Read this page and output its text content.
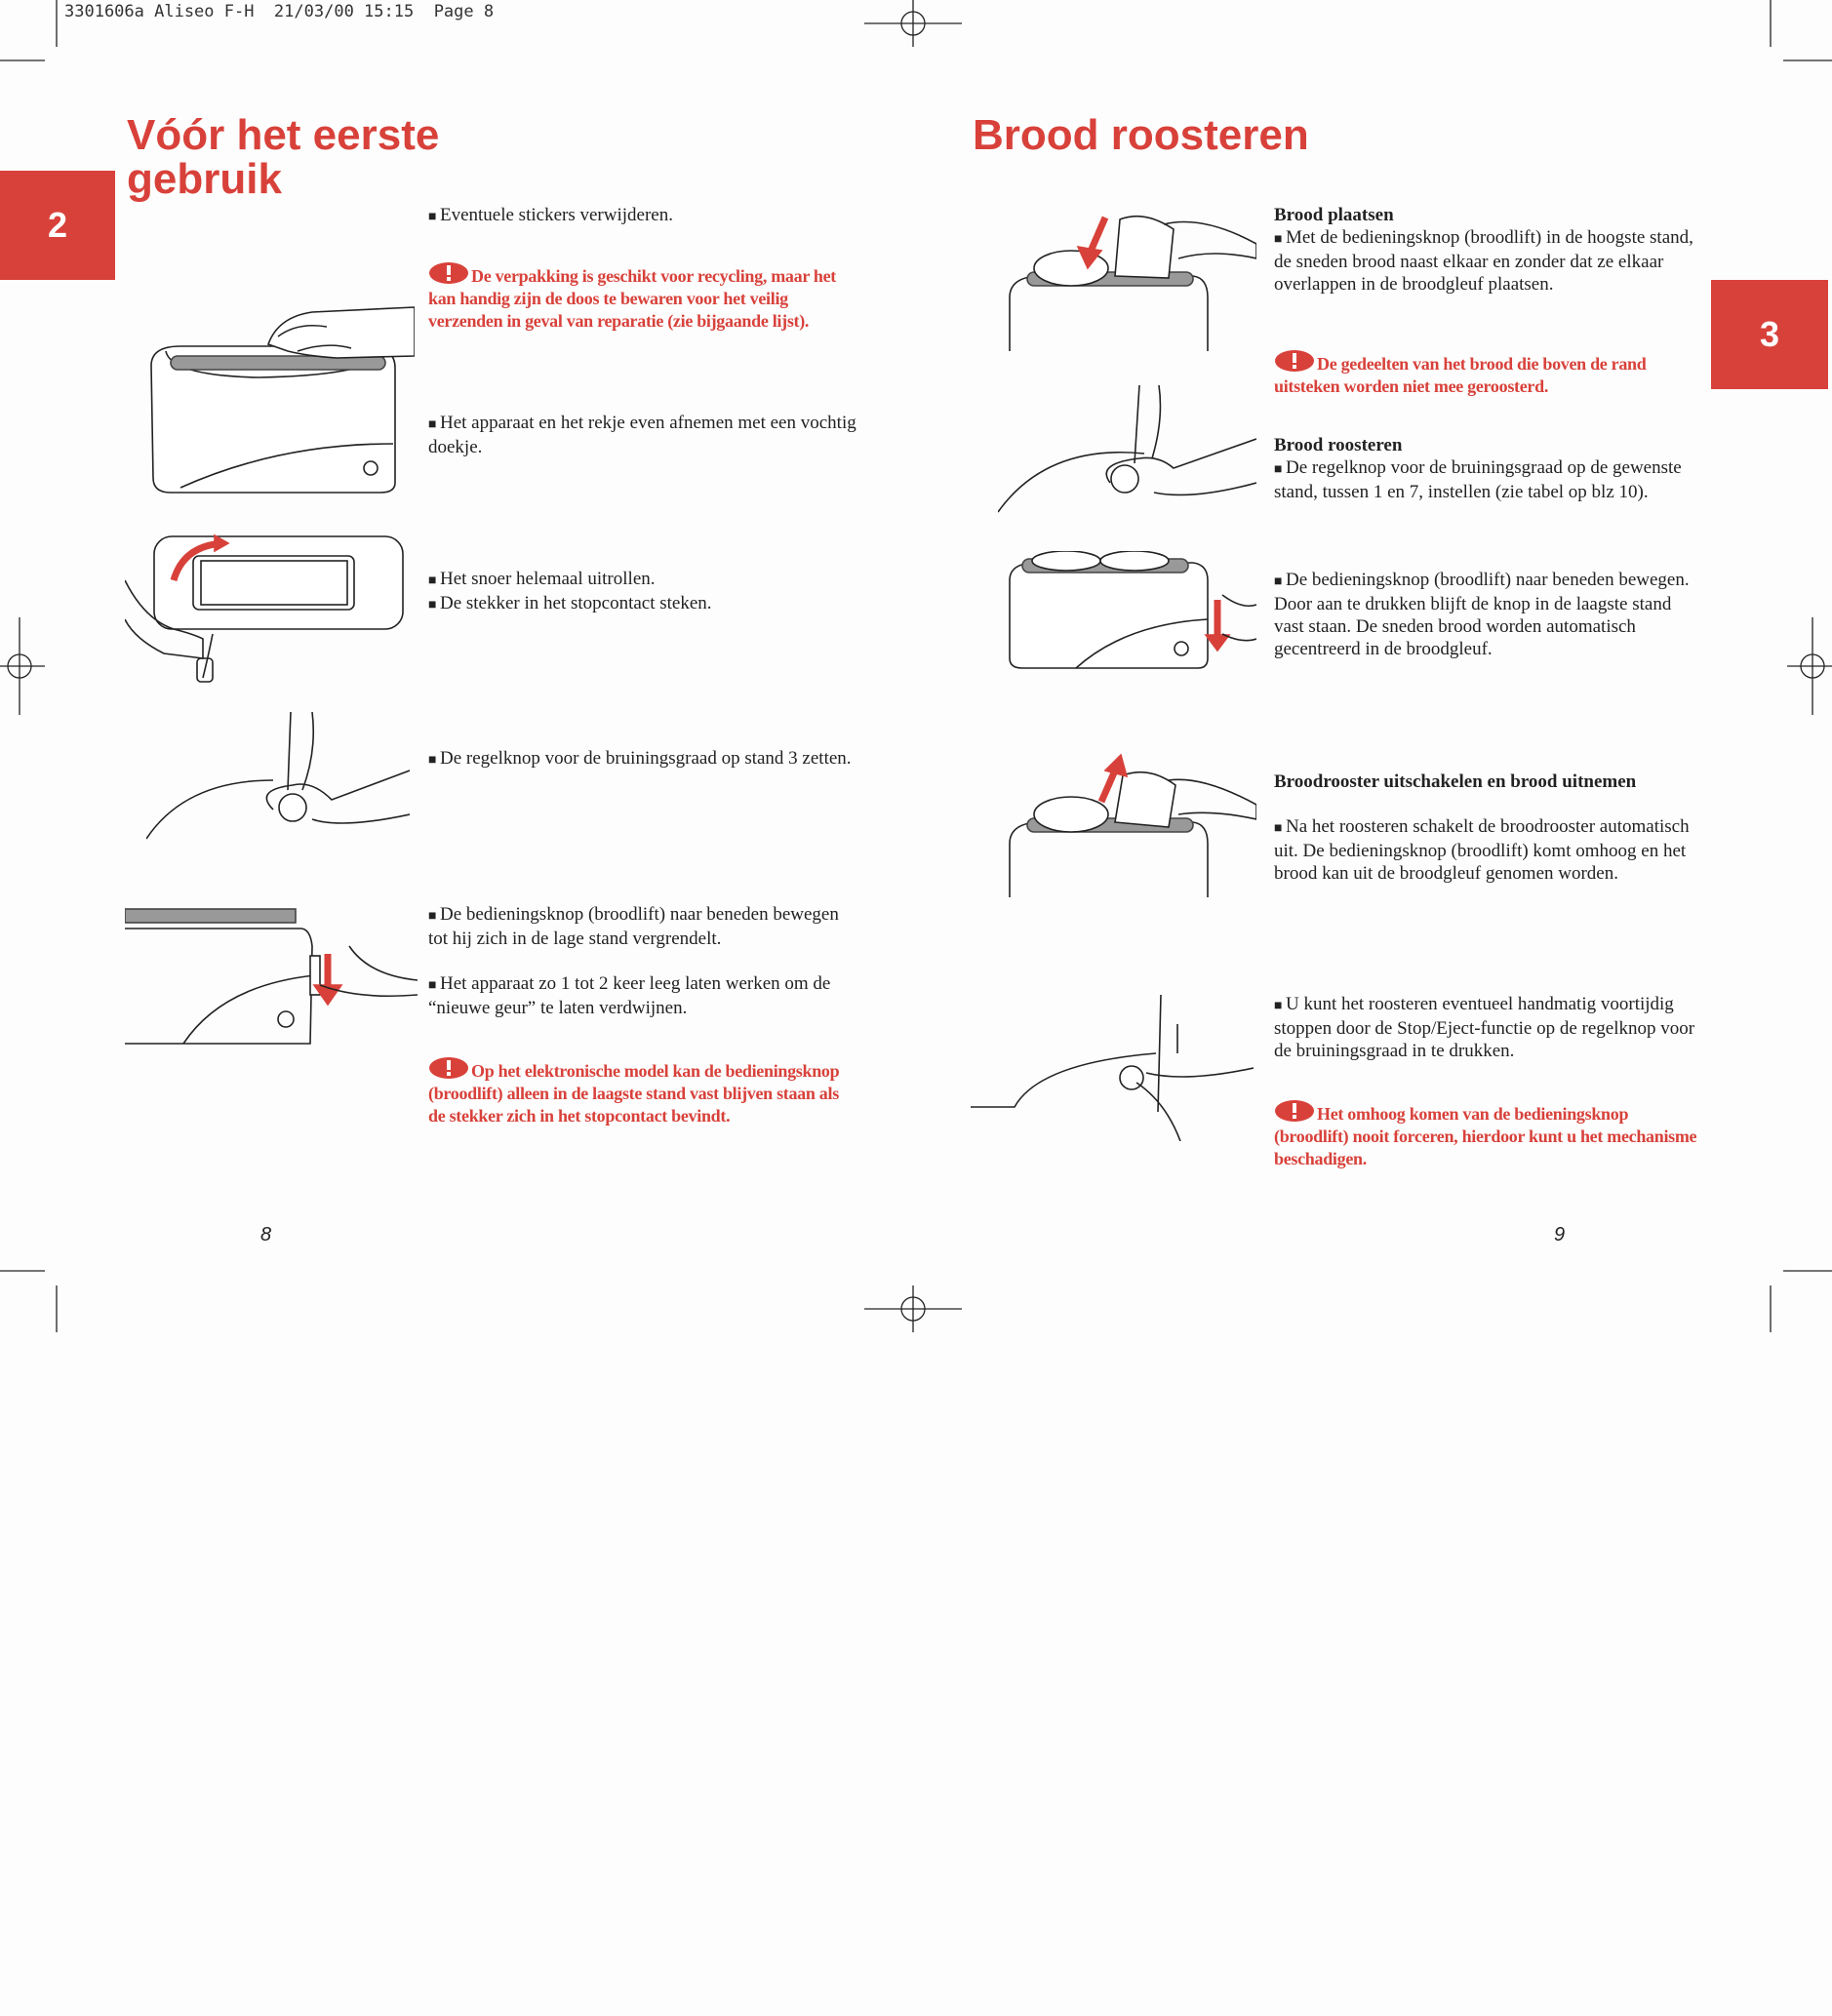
3301606a Aliseo F-H  21/03/00 15:15  Page 8
2
3
Vóór het eerste
gebruik
Brood roosteren

■ Eventuele stickers verwijderen.

De verpakking is geschikt voor recycling, maar het kan handig zijn de doos te bewaren voor het veilig verzenden in geval van reparatie (zie bijgaande lijst).

■ Het apparaat en het rekje even afnemen met een vochtig doekje.

■ Het snoer helemaal uitrollen.

■ De stekker in het stopcontact steken.

■ De regelknop voor de bruiningsgraad op stand 3 zetten.

■ De bedieningsknop (broodlift) naar beneden bewegen tot hij zich in de lage stand vergrendelt.

■ Het apparaat zo 1 tot 2 keer leeg laten werken om de “nieuwe geur” te laten verdwijnen.

Op het elektronische model kan de bedieningsknop (broodlift) alleen in de laagste stand vast blijven staan als de stekker zich in het stopcontact bevindt.
8

Brood plaatsen

■ Met de bedieningsknop (broodlift) in de hoogste stand, de sneden brood naast elkaar en zonder dat ze elkaar overlappen in de broodgleuf plaatsen.

De gedeelten van het brood die boven de rand uitsteken worden niet mee geroosterd.

Brood roosteren

■ De regelknop voor de bruiningsgraad op de gewenste stand, tussen 1 en 7, instellen (zie tabel op blz 10).

■ De bedieningsknop (broodlift) naar beneden bewegen. Door aan te drukken blijft de knop in de laagste stand vast staan. De sneden brood worden automatisch gecentreerd in de broodgleuf.

Broodrooster uitschakelen en brood uitnemen

■ Na het roosteren schakelt de broodrooster automatisch uit. De bedieningsknop (broodlift) komt omhoog en het brood kan uit de broodgleuf genomen worden.

■ U kunt het roosteren eventueel handmatig voortijdig stoppen door de Stop/Eject-functie op de regelknop voor de bruiningsgraad in te drukken.

Het omhoog komen van de bedieningsknop (broodlift) nooit forceren, hierdoor kunt u het mechanisme beschadigen.
9
